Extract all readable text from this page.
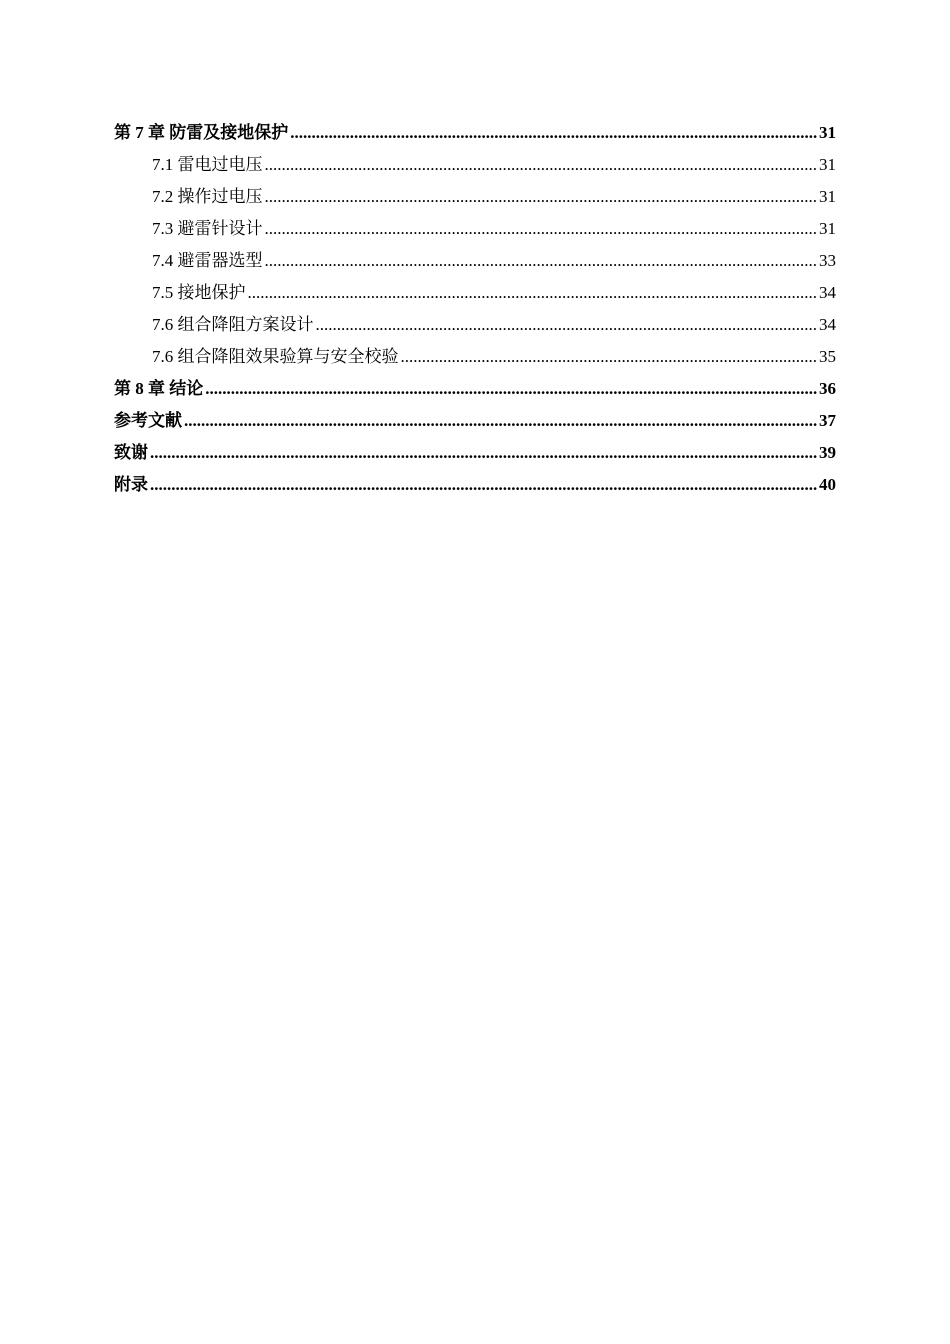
第 7 章 防雷及接地保护 .....	31
7.1 雷电过电压 .....	31
7.2 操作过电压 .....	31
7.3 避雷针设计 .....	31
7.4 避雷器选型 .....	33
7.5 接地保护 .....	34
7.6 组合降阻方案设计 .....	34
7.6 组合降阻效果验算与安全校验 .....	35
第 8 章 结论 .....	36
参考文献 .....	37
致谢 .....	39
附录 .....	40
